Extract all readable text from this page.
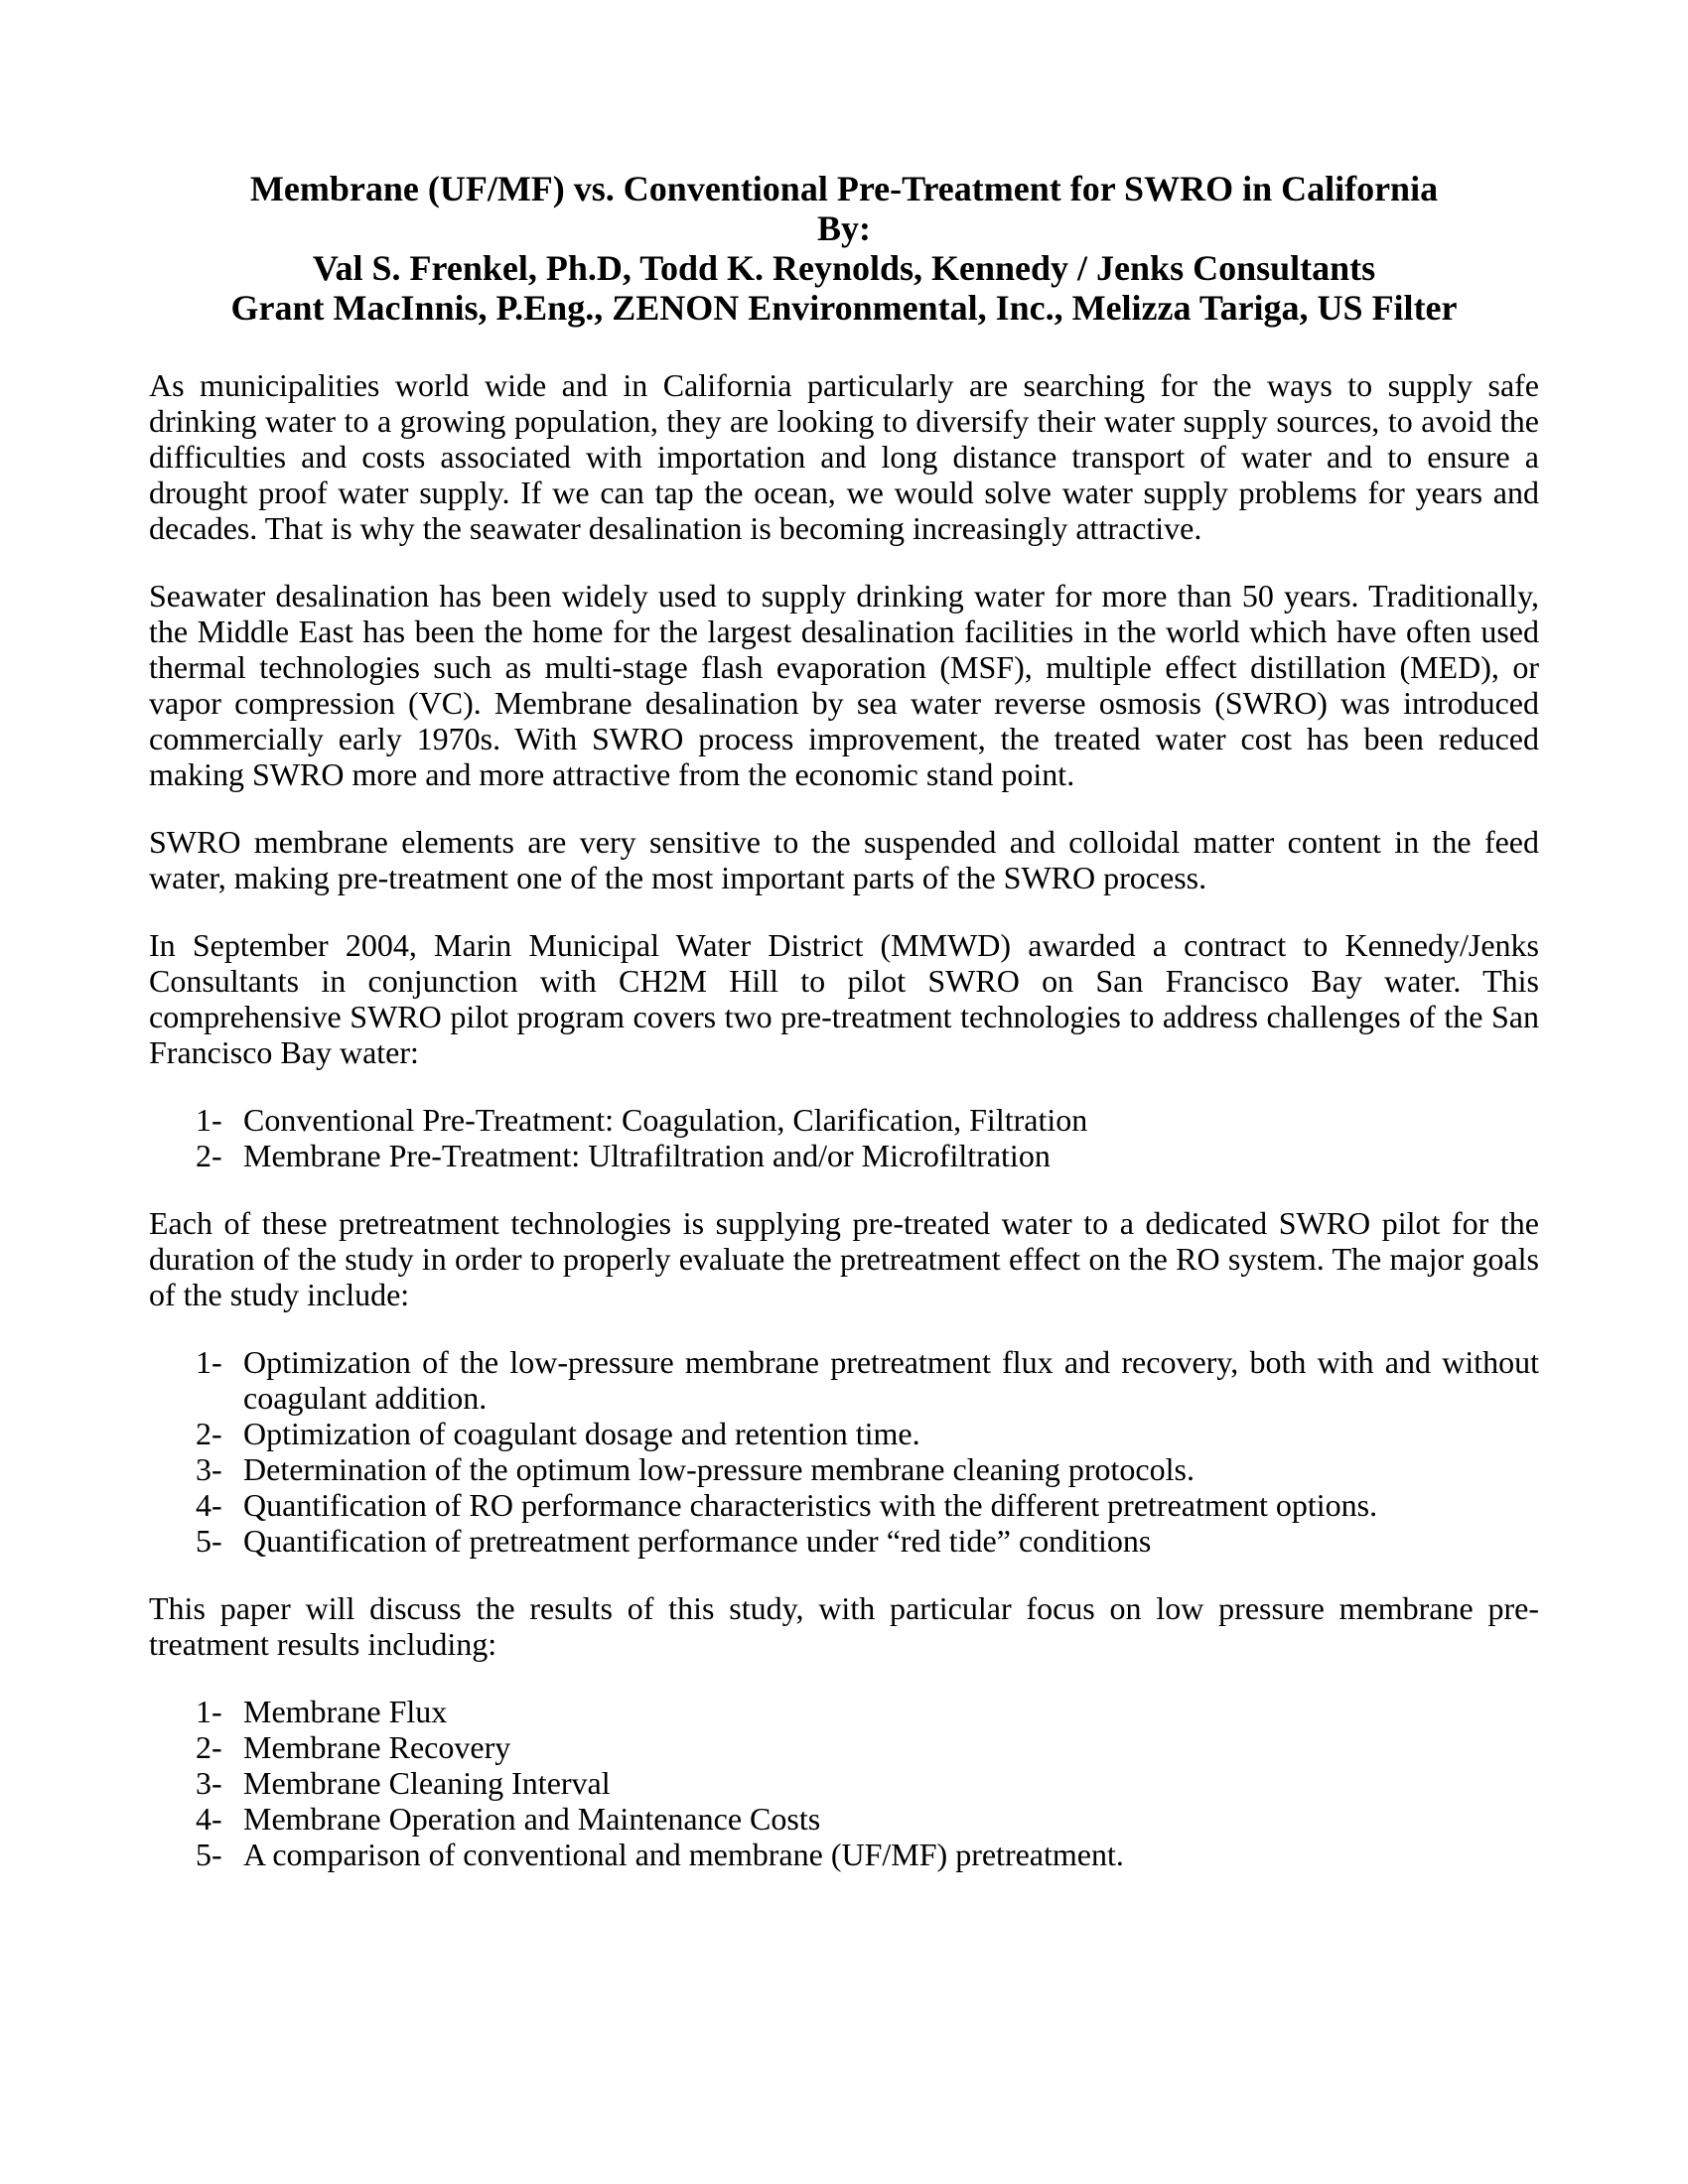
Membrane (UF/MF) vs. Conventional Pre-Treatment for SWRO in California
By:
Val S. Frenkel, Ph.D, Todd K. Reynolds, Kennedy / Jenks Consultants
Grant MacInnis, P.Eng., ZENON Environmental, Inc., Melizza Tariga, US Filter

As municipalities world wide and in California particularly are searching for the ways to supply safe drinking water to a growing population, they are looking to diversify their water supply sources, to avoid the difficulties and costs associated with importation and long distance transport of water and to ensure a drought proof water supply. If we can tap the ocean, we would solve water supply problems for years and decades. That is why the seawater desalination is becoming increasingly attractive.

Seawater desalination has been widely used to supply drinking water for more than 50 years. Traditionally, the Middle East has been the home for the largest desalination facilities in the world which have often used thermal technologies such as multi-stage flash evaporation (MSF), multiple effect distillation (MED), or vapor compression (VC). Membrane desalination by sea water reverse osmosis (SWRO) was introduced commercially early 1970s. With SWRO process improvement, the treated water cost has been reduced making SWRO more and more attractive from the economic stand point.

SWRO membrane elements are very sensitive to the suspended and colloidal matter content in the feed water, making pre-treatment one of the most important parts of the SWRO process.

In September 2004, Marin Municipal Water District (MMWD) awarded a contract to Kennedy/Jenks Consultants in conjunction with CH2M Hill to pilot SWRO on San Francisco Bay water. This comprehensive SWRO pilot program covers two pre-treatment technologies to address challenges of the San Francisco Bay water:

1- Conventional Pre-Treatment: Coagulation, Clarification, Filtration
2- Membrane Pre-Treatment: Ultrafiltration and/or Microfiltration

Each of these pretreatment technologies is supplying pre-treated water to a dedicated SWRO pilot for the duration of the study in order to properly evaluate the pretreatment effect on the RO system. The major goals of the study include:

1- Optimization of the low-pressure membrane pretreatment flux and recovery, both with and without coagulant addition.
2- Optimization of coagulant dosage and retention time.
3- Determination of the optimum low-pressure membrane cleaning protocols.
4- Quantification of RO performance characteristics with the different pretreatment options.
5- Quantification of pretreatment performance under “red tide” conditions

This paper will discuss the results of this study, with particular focus on low pressure membrane pre-treatment results including:

1- Membrane Flux
2- Membrane Recovery
3- Membrane Cleaning Interval
4- Membrane Operation and Maintenance Costs
5- A comparison of conventional and membrane (UF/MF) pretreatment.
